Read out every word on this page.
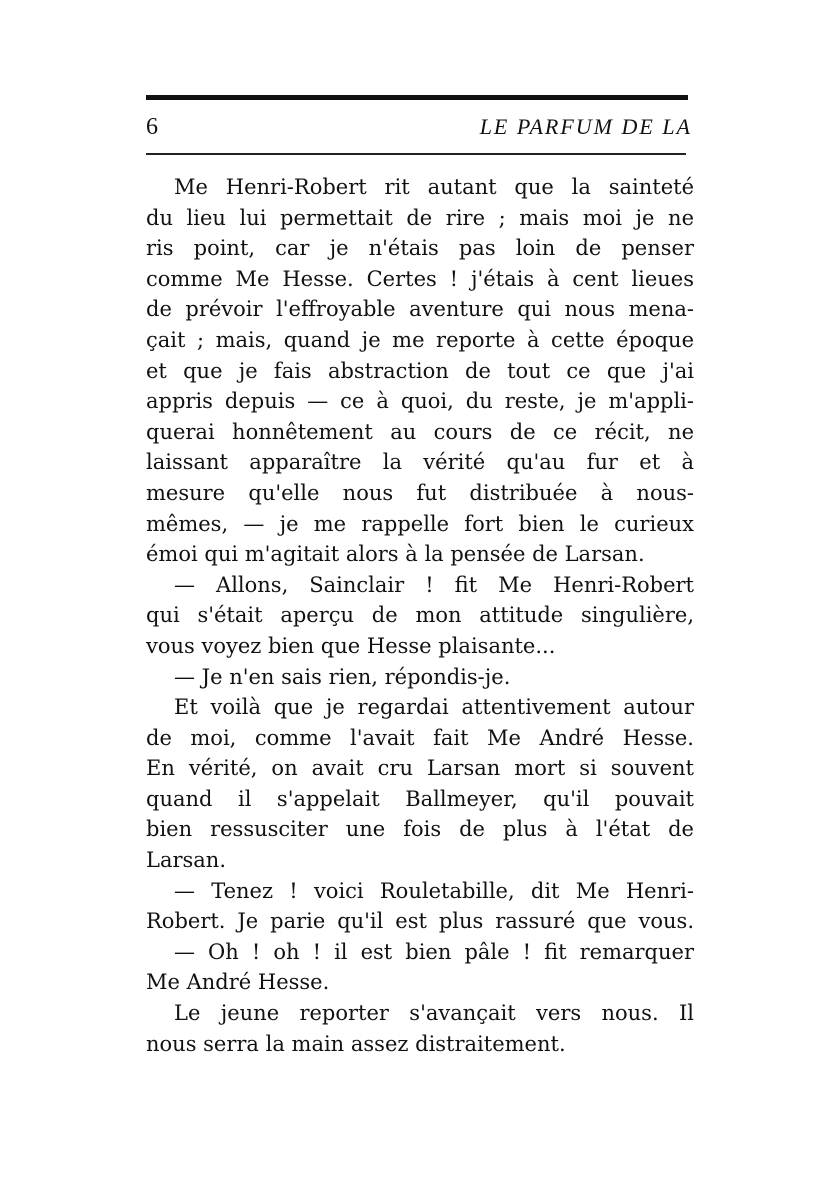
6	LE PARFUM DE LA
Me Henri-Robert rit autant que la sainteté
du lieu lui permettait de rire ; mais moi je ne
ris point, car je n'étais pas loin de penser
comme Me Hesse. Certes ! j'étais à cent lieues
de prévoir l'effroyable aventure qui nous mena-
çait ; mais, quand je me reporte à cette époque
et que je fais abstraction de tout ce que j'ai
appris depuis — ce à quoi, du reste, je m'appli-
querai honnêtement au cours de ce récit, ne
laissant apparaître la vérité qu'au fur et à
mesure qu'elle nous fut distribuée à nous-
mêmes, — je me rappelle fort bien le curieux
émoi qui m'agitait alors à la pensée de Larsan.
— Allons, Sainclair ! fit Me Henri-Robert
qui s'était aperçu de mon attitude singulière,
vous voyez bien que Hesse plaisante...
— Je n'en sais rien, répondis-je.
Et voilà que je regardai attentivement autour
de moi, comme l'avait fait Me André Hesse.
En vérité, on avait cru Larsan mort si souvent
quand il s'appelait Ballmeyer, qu'il pouvait
bien ressusciter une fois de plus à l'état de
Larsan.
— Tenez ! voici Rouletabille, dit Me Henri-
Robert. Je parie qu'il est plus rassuré que vous.
— Oh ! oh ! il est bien pâle ! fit remarquer
Me André Hesse.
Le jeune reporter s'avançait vers nous. Il
nous serra la main assez distraitement.
